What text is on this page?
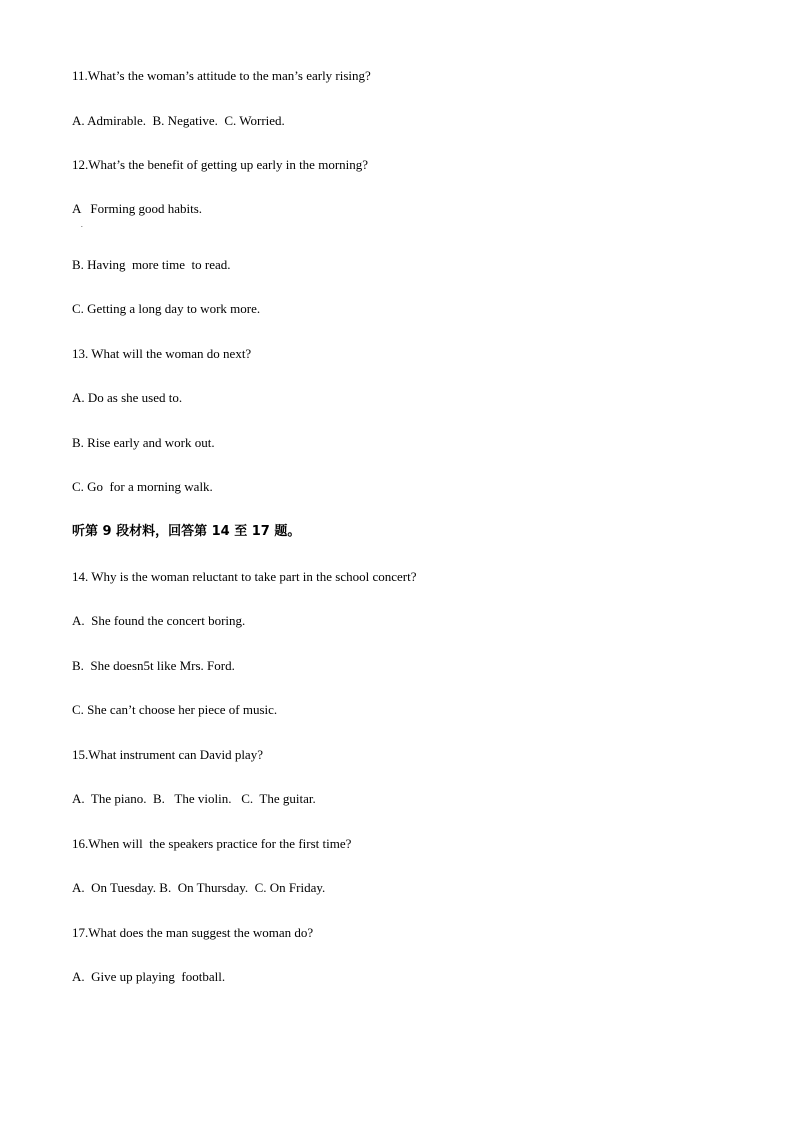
11.What’s the woman’s attitude to the man’s early rising?
A. Admirable.  B. Negative.  C. Worried.
12.What’s the benefit of getting up early in the morning?
A   Forming good habits.
.
B. Having  more time  to read.
C. Getting a long day to work more.
13. What will the woman do next?
A. Do as she used to.
B. Rise early and work out.
C. Go  for a morning walk.
听第 9 段材料，回答第 14 至 17 题。
14. Why is the woman reluctant to take part in the school concert?
A.  She found the concert boring.
B.  She doesn5t like Mrs. Ford.
C. She can’t choose her piece of music.
15.What instrument can David play?
A.  The piano.  B.   The violin.   C.  The guitar.
16.When will  the speakers practice for the first time?
A.  On Tuesday. B.  On Thursday.  C. On Friday.
17.What does the man suggest the woman do?
A.  Give up playing  football.
